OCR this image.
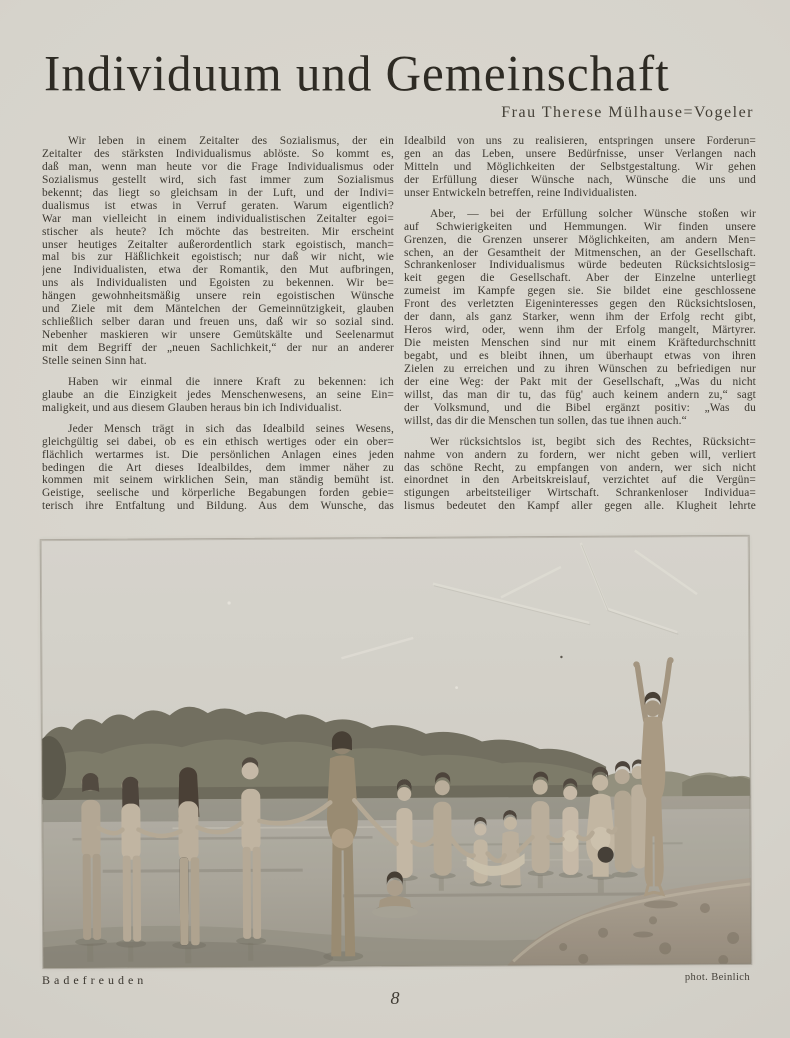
Individuum und Gemeinschaft
Frau Therese Mülhause=Vogeler
Wir leben in einem Zeitalter des Sozialismus, der ein
Zeitalter des stärksten Individualismus ablöste. So kommt es,
daß man, wenn man heute vor die Frage Individualismus oder
Sozialismus gestellt wird, sich fast immer zum Sozialismus
bekennt; das liegt so gleichsam in der Luft, und der Indivi=
dualismus ist etwas in Verruf geraten. Warum eigentlich?
War man vielleicht in einem individualistischen Zeitalter egoi=
stischer als heute? Ich möchte das bestreiten. Mir erscheint
unser heutiges Zeitalter außerordentlich stark egoistisch, manch=
mal bis zur Häßlichkeit egoistisch; nur daß wir nicht, wie
jene Individualisten, etwa der Romantik, den Mut aufbringen,
uns als Individualisten und Egoisten zu bekennen. Wir be=
hängen gewohnheitsmäßig unsere rein egoistischen Wünsche
und Ziele mit dem Mäntelchen der Gemeinnützigkeit, glauben
schließlich selber daran und freuen uns, daß wir so sozial sind.
Nebenher maskieren wir unsere Gemütskälte und Seelenarmut
mit dem Begriff der „neuen Sachlichkeit,“ der nur an anderer
Stelle seinen Sinn hat.
Haben wir einmal die innere Kraft zu bekennen: ich
glaube an die Einzigkeit jedes Menschenwesens, an seine Ein=
maligkeit, und aus diesem Glauben heraus bin ich Individualist.
Jeder Mensch trägt in sich das Idealbild seines Wesens,
gleichgültig sei dabei, ob es ein ethisch wertiges oder ein ober=
flächlich wertarmes ist. Die persönlichen Anlagen eines jeden
bedingen die Art dieses Idealbildes, dem immer näher zu
kommen mit seinem wirklichen Sein, man ständig bemüht ist.
Geistige, seelische und körperliche Begabungen forden gebie=
terisch ihre Entfaltung und Bildung. Aus dem Wunsche, das
Idealbild von uns zu realisieren, entspringen unsere Forderun=
gen an das Leben, unsere Bedürfnisse, unser Verlangen nach
Mitteln und Möglichkeiten der Selbstgestaltung. Wir gehen
der Erfüllung dieser Wünsche nach, Wünsche die uns und
unser Entwickeln betreffen, reine Individualisten.
Aber, — bei der Erfüllung solcher Wünsche stoßen wir
auf Schwierigkeiten und Hemmungen. Wir finden unsere
Grenzen, die Grenzen unserer Möglichkeiten, am andern Men=
schen, an der Gesamtheit der Mitmenschen, an der Gesellschaft.
Schrankenloser Individualismus würde bedeuten Rücksichtslosig=
keit gegen die Gesellschaft. Aber der Einzelne unterliegt
zumeist im Kampfe gegen sie. Sie bildet eine geschlossene
Front des verletzten Eigeninteresses gegen den Rücksichtslosen,
der dann, als ganz Starker, wenn ihm der Erfolg recht gibt,
Heros wird, oder, wenn ihm der Erfolg mangelt, Märtyrer.
Die meisten Menschen sind nur mit einem Kräftedurchschnitt
begabt, und es bleibt ihnen, um überhaupt etwas von ihren
Zielen zu erreichen und zu ihren Wünschen zu befriedigen nur
der eine Weg: der Pakt mit der Gesellschaft, „Was du nicht
willst, das man dir tu, das füg' auch keinem andern zu,“ sagt
der Volksmund, und die Bibel ergänzt positiv: „Was du
willst, das dir die Menschen tun sollen, das tue ihnen auch.“
Wer rücksichtslos ist, begibt sich des Rechtes, Rücksicht=
nahme von andern zu fordern, wer nicht geben will, verliert
das schöne Recht, zu empfangen von andern, wer sich nicht
einordnet in den Arbeitskreislauf, verzichtet auf die Vergün=
stigungen arbeitsteiliger Wirtschaft. Schrankenloser Individua=
lismus bedeutet den Kampf aller gegen alle. Klugheit lehrte
Badefreuden	phot. Beinlich
8
